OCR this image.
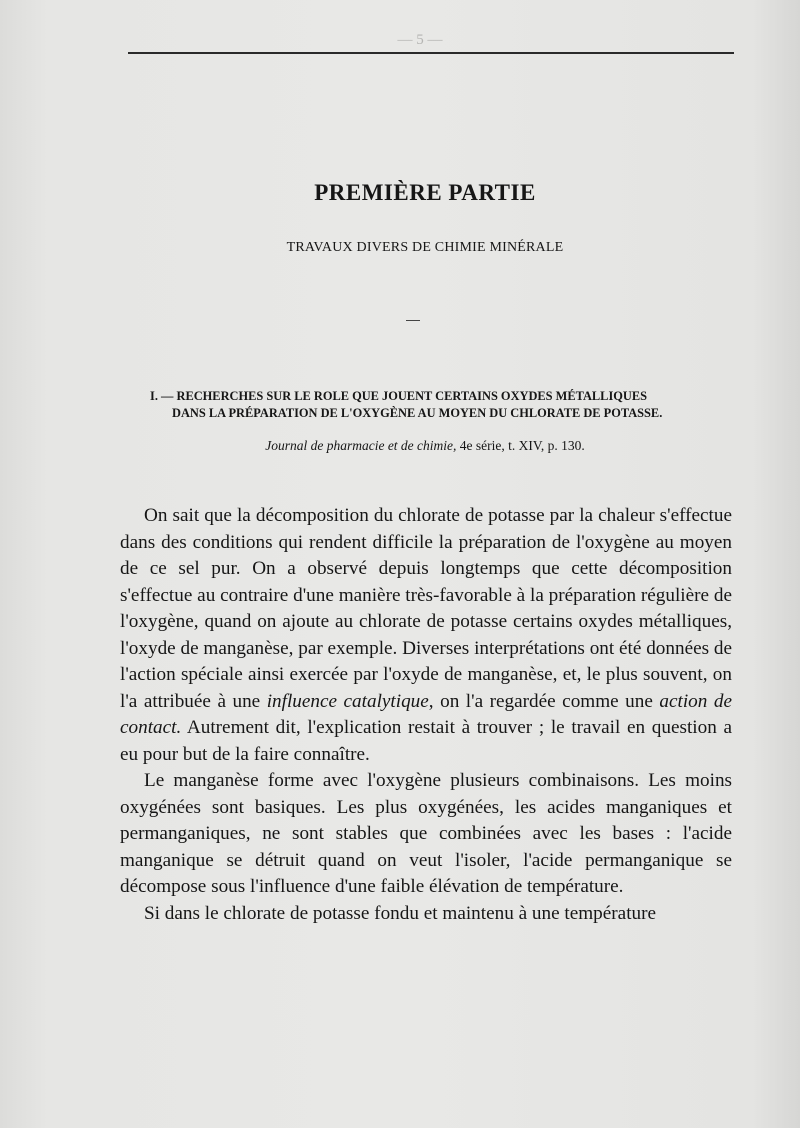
— 5 —
PREMIÈRE PARTIE
TRAVAUX DIVERS DE CHIMIE MINÉRALE
I. — RECHERCHES SUR LE ROLE QUE JOUENT CERTAINS OXYDES MÉTALLIQUES
DANS LA PRÉPARATION DE L'OXYGÈNE AU MOYEN DU CHLORATE DE POTASSE.
Journal de pharmacie et de chimie, 4e série, t. XIV, p. 130.

On sait que la décomposition du chlorate de potasse par la chaleur s'effectue dans des conditions qui rendent difficile la préparation de l'oxygène au moyen de ce sel pur. On a observé depuis longtemps que cette décomposition s'effectue au contraire d'une manière très-favorable à la préparation régulière de l'oxygène, quand on ajoute au chlorate de potasse certains oxydes métalliques, l'oxyde de manganèse, par exemple. Diverses interprétations ont été données de l'action spéciale ainsi exercée par l'oxyde de manganèse, et, le plus souvent, on l'a attribuée à une influence catalytique, on l'a regardée comme une action de contact. Autrement dit, l'explication restait à trouver ; le travail en question a eu pour but de la faire connaître.

Le manganèse forme avec l'oxygène plusieurs combinaisons. Les moins oxygénées sont basiques. Les plus oxygénées, les acides manganiques et permanganiques, ne sont stables que combinées avec les bases : l'acide manganique se détruit quand on veut l'isoler, l'acide permanganique se décompose sous l'influence d'une faible élévation de température.

Si dans le chlorate de potasse fondu et maintenu à une température
